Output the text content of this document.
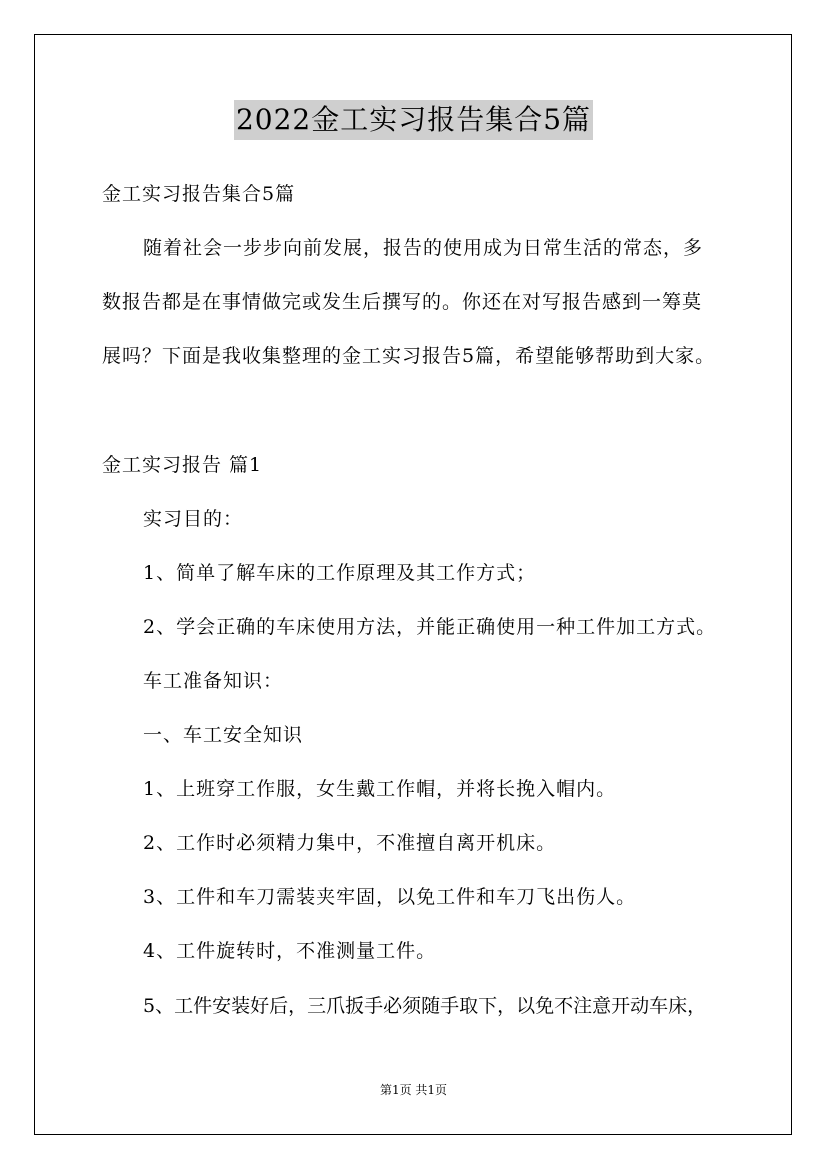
2022金工实习报告集合5篇
金工实习报告集合5篇
随着社会一步步向前发展，报告的使用成为日常生活的常态，多
数报告都是在事情做完或发生后撰写的。你还在对写报告感到一筹莫
展吗？下面是我收集整理的金工实习报告5篇，希望能够帮助到大家。
金工实习报告 篇1
实习目的：
1、简单了解车床的工作原理及其工作方式；
2、学会正确的车床使用方法，并能正确使用一种工件加工方式。
车工准备知识：
一、车工安全知识
1、上班穿工作服，女生戴工作帽，并将长挽入帽内。
2、工作时必须精力集中，不准擅自离开机床。
3、工件和车刀需装夹牢固，以免工件和车刀飞出伤人。
4、工件旋转时，不准测量工件。
5、工件安装好后，三爪扳手必须随手取下，以免不注意开动车床，
第1页 共1页
